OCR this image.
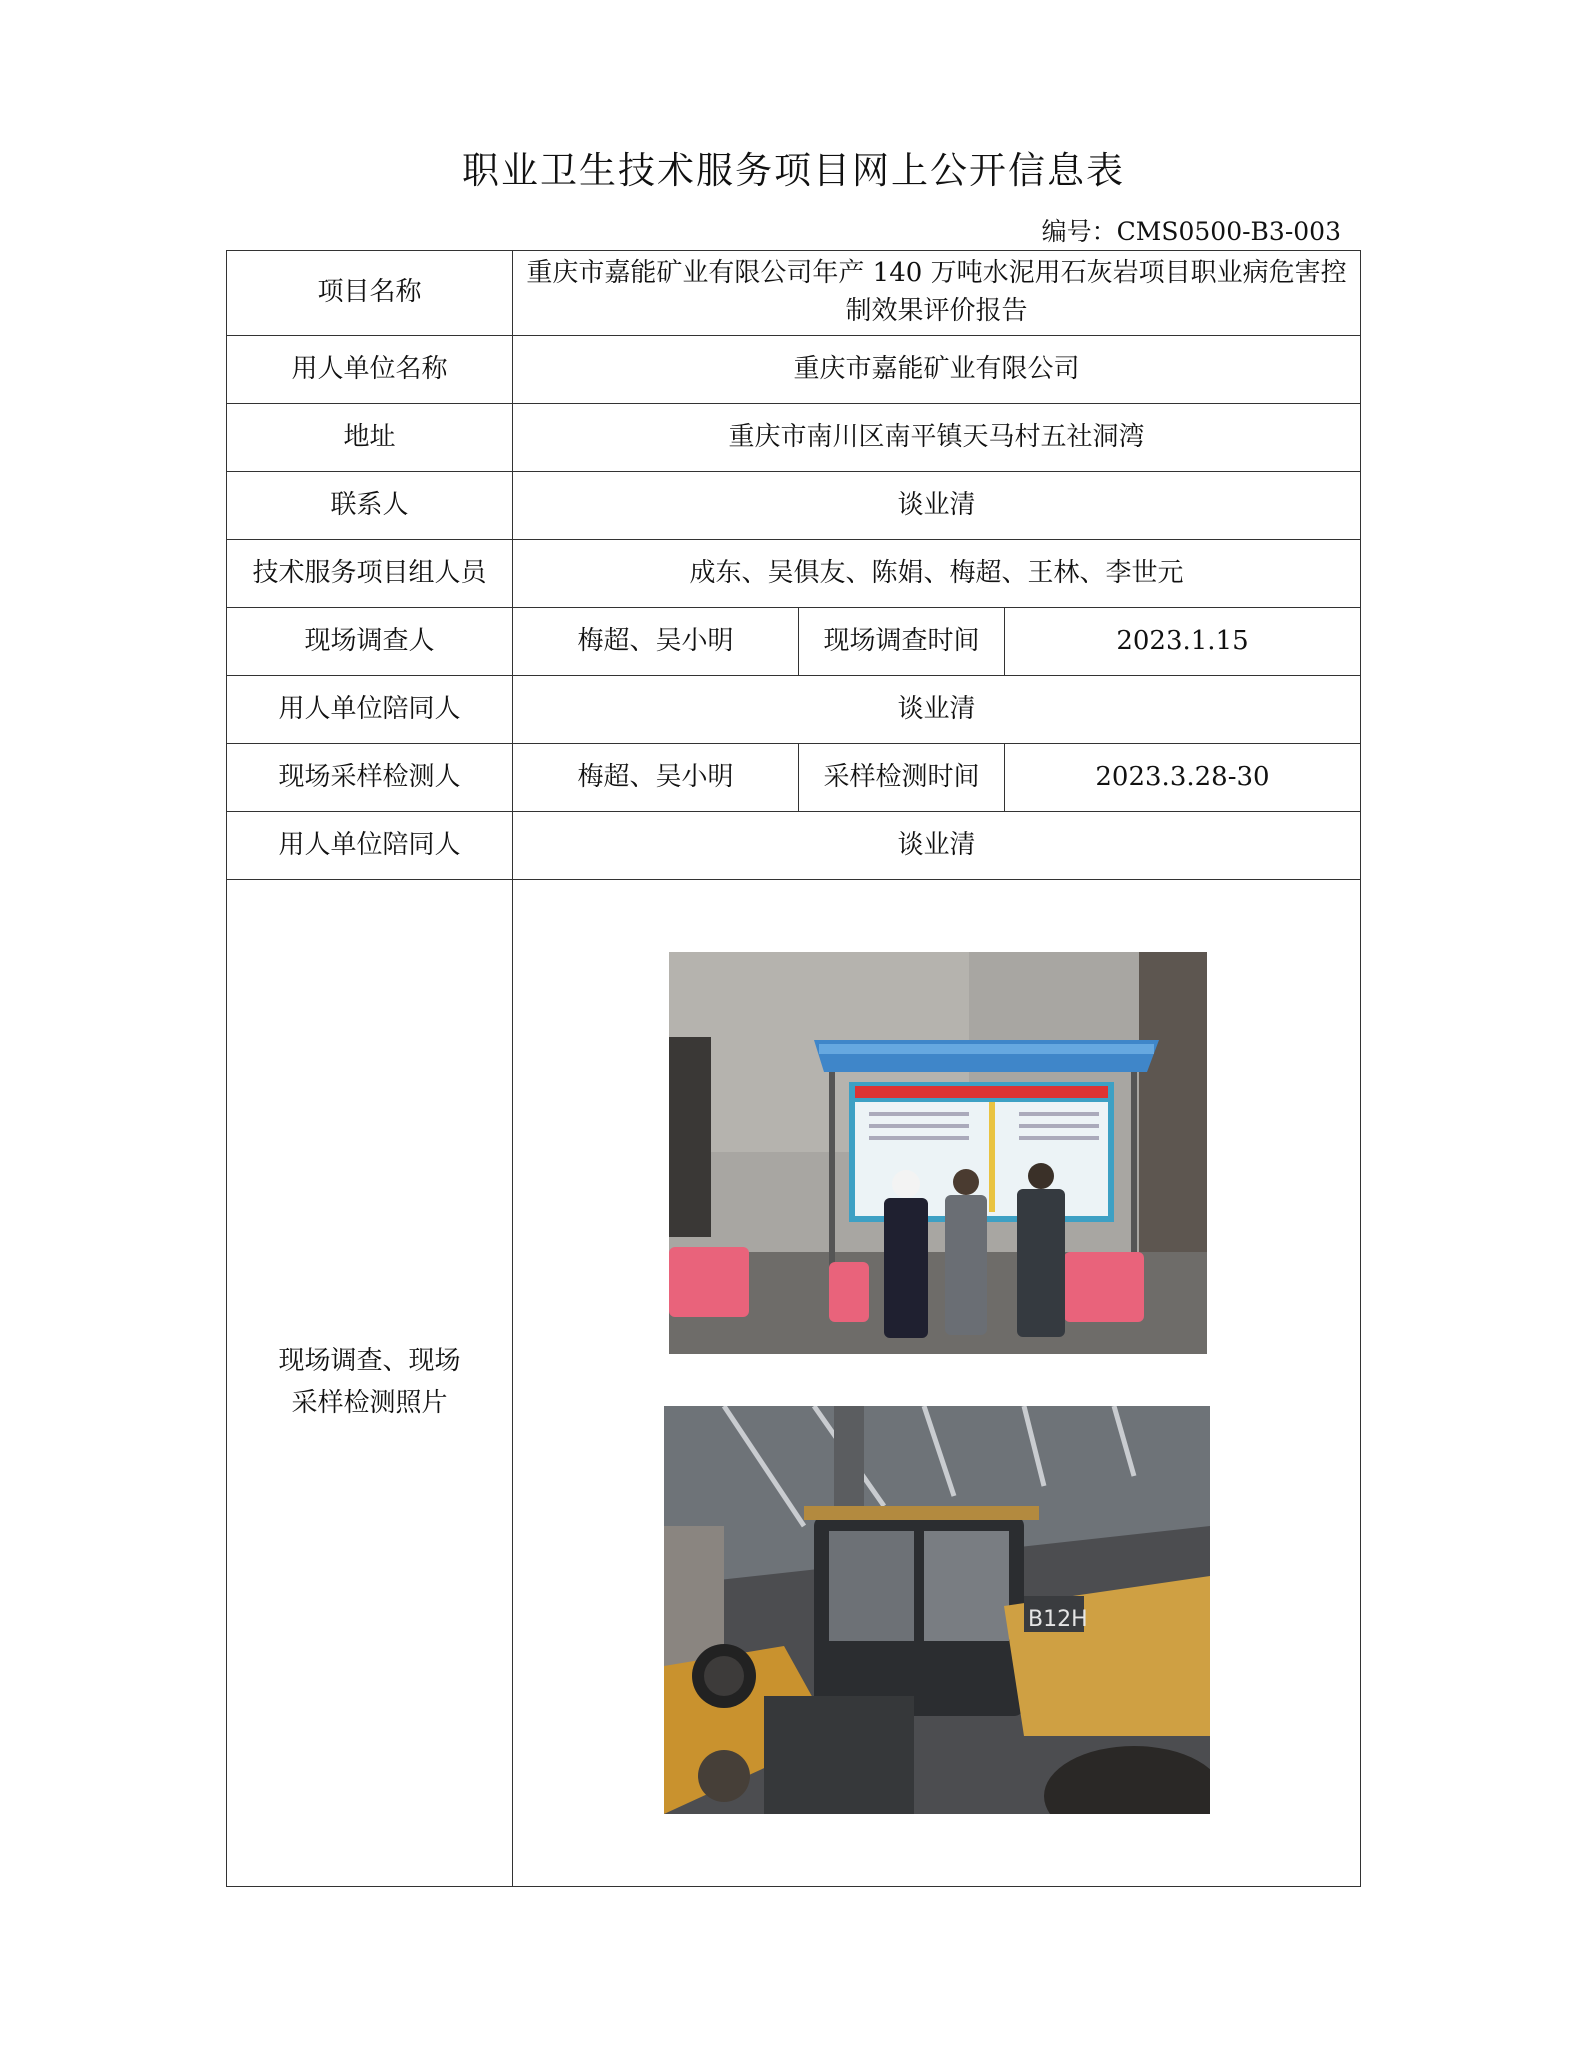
职业卫生技术服务项目网上公开信息表
编号：CMS0500-B3-003
项目名称	重庆市嘉能矿业有限公司年产 140 万吨水泥用石灰岩项目职业病危害控制效果评价报告		
用人单位名称	重庆市嘉能矿业有限公司		
地址	重庆市南川区南平镇天马村五社洞湾		
联系人	谈业清		
技术服务项目组人员	成东、吴俱友、陈娟、梅超、王林、李世元		
现场调查人	梅超、吴小明	现场调查时间	2023.1.15
用人单位陪同人	谈业清		
现场采样检测人	梅超、吴小明	采样检测时间	2023.3.28-30
用人单位陪同人	谈业清		
现场调查、现场采样检测照片	B12H		
